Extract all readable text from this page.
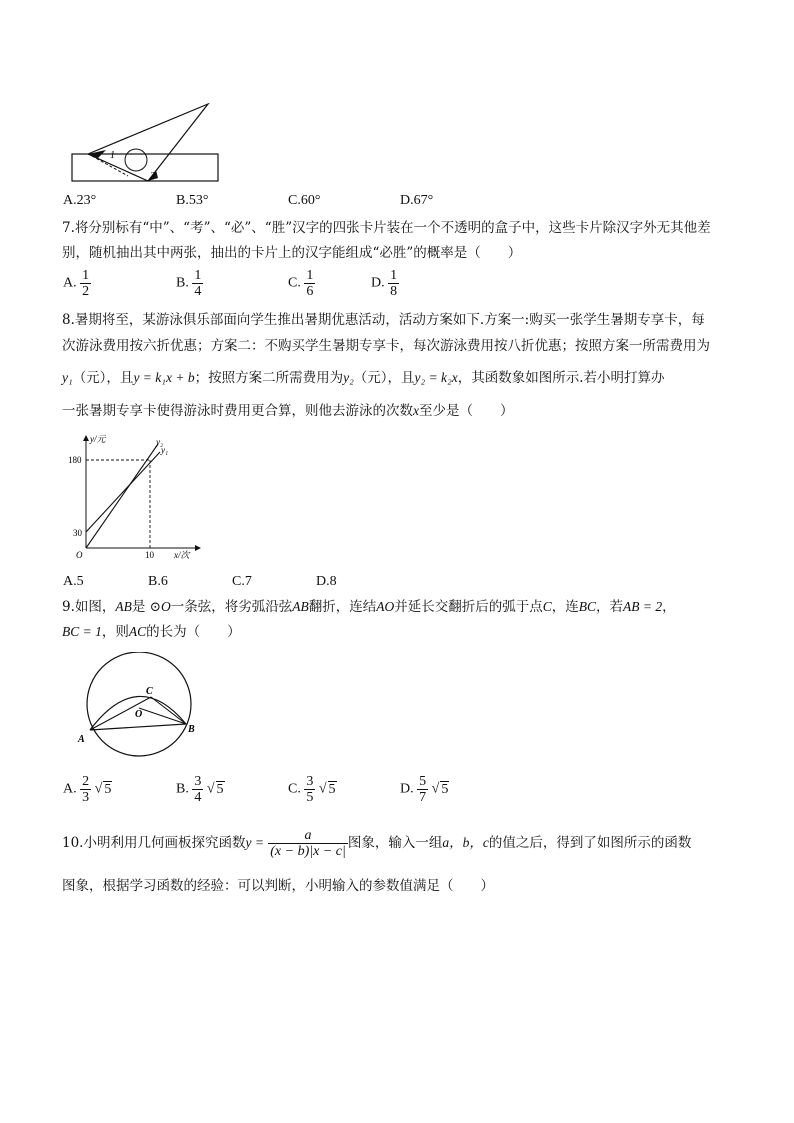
1
2
A.23°	B.53°	C.60°	D.67°
7.将分别标有“中”、“考”、“必”、“胜”汉字的四张卡片装在一个不透明的盒子中，这些卡片除汉字外无其他差
别，随机抽出其中两张，抽出的卡片上的汉字能组成“必胜”的概率是（　　）
A. $\frac{1}{2}$	B. $\frac{1}{4}$	C. $\frac{1}{6}$	D. $\frac{1}{8}$
8.暑期将至，某游泳俱乐部面向学生推出暑期优惠活动，活动方案如下.方案一:购买一张学生暑期专享卡，每
次游泳费用按六折优惠；方案二：不购买学生暑期专享卡，每次游泳费用按八折优惠；按照方案一所需费用为
y₁（元），且y = k₁x + b；按照方案二所需费用为y₂（元），且y₂ = k₂x，其函数象如图所示.若小明打算办
一张暑期专享卡使得游泳时费用更合算，则他去游泳的次数x至少是（　　）
y/元
x/次
180
30
O	10
y₂
y₁
A.5	B.6	C.7	D.8
9.如图，AB是 ⊙O一条弦，将劣弧沿弦AB翻折，连结AO并延长交翻折后的弧于点C，连BC，若AB = 2，
BC = 1，则AC的长为（　　）
A
B
C
O
A. $\frac{2}{3}$ √ 5	B. $\frac{3}{4}$ √ 5	C. $\frac{3}{5}$ √ 5	D. $\frac{5}{7}$ √ 5
10.小明利用几何画板探究函数$y = \frac{a}{(x - b)|x - c|}$ 图象，输入一组a，b，c的值之后，得到了如图所示的函数
图象，根据学习函数的经验：可以判断，小明输入的参数值满足（　　）
